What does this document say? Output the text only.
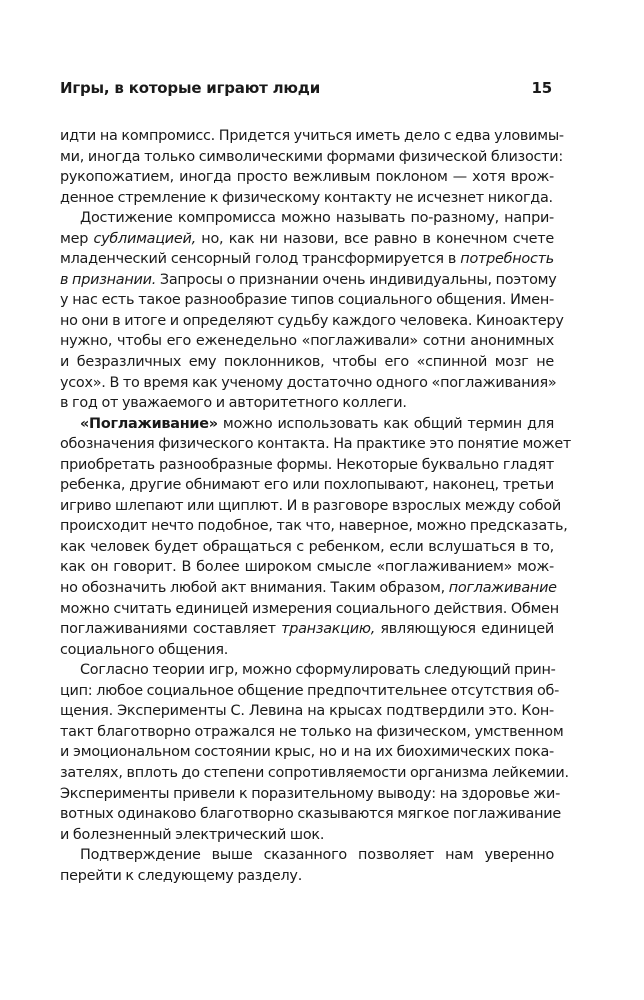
Игры, в которые играют люди	15
идти на компромисс. Придется учиться иметь дело с едва уловимы-
ми, иногда только символическими формами физической близости:
рукопожатием, иногда просто вежливым поклоном — хотя врож-
денное стремление к физическому контакту не исчезнет никогда.
Достижение компромисса можно называть по-разному, напри-
мер сублимацией, но, как ни назови, все равно в конечном счете
младенческий сенсорный голод трансформируется в потребность
в признании. Запросы о признании очень индивидуальны, поэтому
у нас есть такое разнообразие типов социального общения. Имен-
но они в итоге и определяют судьбу каждого человека. Киноактеру
нужно, чтобы его еженедельно «поглаживали» сотни анонимных
и безразличных ему поклонников, чтобы его «спинной мозг не
усох». В то время как ученому достаточно одного «поглаживания»
в год от уважаемого и авторитетного коллеги.
«Поглаживание» можно использовать как общий термин для
обозначения физического контакта. На практике это понятие может
приобретать разнообразные формы. Некоторые буквально гладят
ребенка, другие обнимают его или похлопывают, наконец, третьи
игриво шлепают или щиплют. И в разговоре взрослых между собой
происходит нечто подобное, так что, наверное, можно предсказать,
как человек будет обращаться с ребенком, если вслушаться в то,
как он говорит. В более широком смысле «поглаживанием» мож-
но обозначить любой акт внимания. Таким образом, поглаживание
можно считать единицей измерения социального действия. Обмен
поглаживаниями составляет транзакцию, являющуюся единицей
социального общения.
Согласно теории игр, можно сформулировать следующий прин-
цип: любое социальное общение предпочтительнее отсутствия об-
щения. Эксперименты С. Левина на крысах подтвердили это. Кон-
такт благотворно отражался не только на физическом, умственном
и эмоциональном состоянии крыс, но и на их биохимических пока-
зателях, вплоть до степени сопротивляемости организма лейкемии.
Эксперименты привели к поразительному выводу: на здоровье жи-
вотных одинаково благотворно сказываются мягкое поглаживание
и болезненный электрический шок.
Подтверждение выше сказанного позволяет нам уверенно
перейти к следующему разделу.
